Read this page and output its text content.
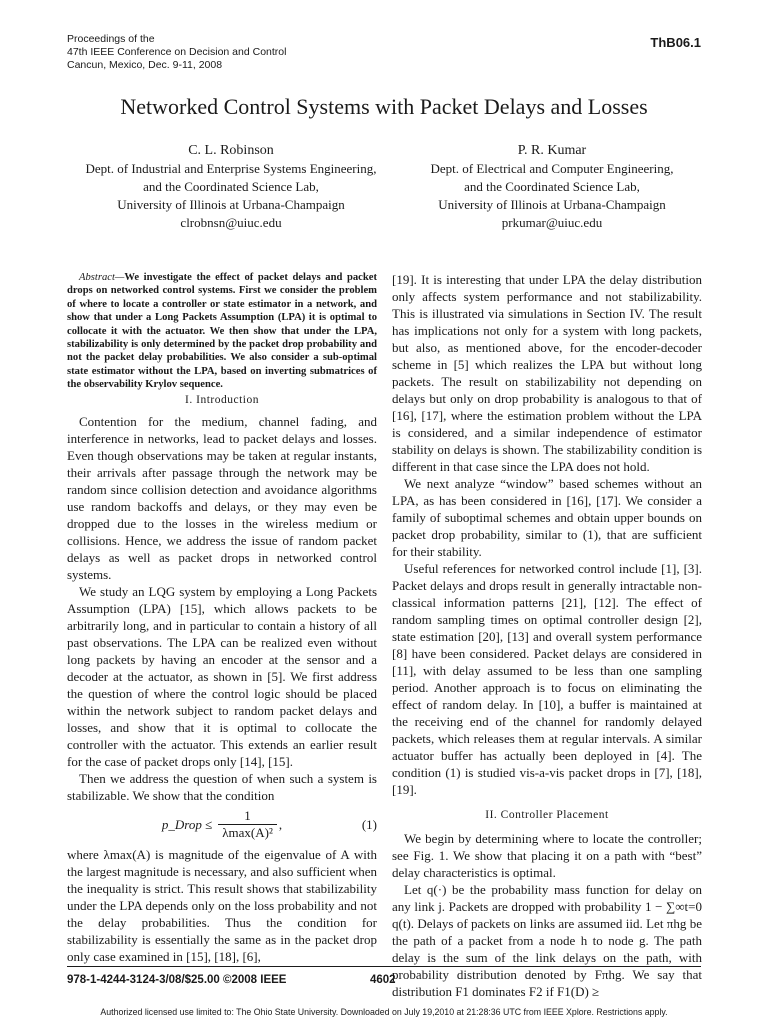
Proceedings of the
47th IEEE Conference on Decision and Control
Cancun, Mexico, Dec. 9-11, 2008
ThB06.1
Networked Control Systems with Packet Delays and Losses
C. L. Robinson
Dept. of Industrial and Enterprise Systems Engineering,
and the Coordinated Science Lab,
University of Illinois at Urbana-Champaign
clrobnsn@uiuc.edu
P. R. Kumar
Dept. of Electrical and Computer Engineering,
and the Coordinated Science Lab,
University of Illinois at Urbana-Champaign
prkumar@uiuc.edu

Abstract—We investigate the effect of packet delays and packet drops on networked control systems. First we consider the problem of where to locate a controller or state estimator in a network, and show that under a Long Packets Assumption (LPA) it is optimal to collocate it with the actuator. We then show that under the LPA, stabilizability is only determined by the packet drop probability and not the packet delay probabilities. We also consider a sub-optimal state estimator without the LPA, based on inverting submatrices of the observability Krylov sequence.

I. Introduction

Contention for the medium, channel fading, and interference in networks, lead to packet delays and losses. Even though observations may be taken at regular instants, their arrivals after passage through the network may be random since collision detection and avoidance algorithms use random backoffs and delays, or they may even be dropped due to the losses in the wireless medium or collisions. Hence, we address the issue of random packet delays as well as packet drops in networked control systems.

We study an LQG system by employing a Long Packets Assumption (LPA) [15], which allows packets to be arbitrarily long, and in particular to contain a history of all past observations. The LPA can be realized even without long packets by having an encoder at the sensor and a decoder at the actuator, as shown in [5]. We first address the question of where the control logic should be placed within the network subject to random packet delays and losses, and show that it is optimal to collocate the controller with the actuator. This extends an earlier result for the case of packet drops only [14], [15].

Then we address the question of when such a system is stabilizable. We show that the condition

p_Drop ≤ $\frac{1}{\text{λmax(A)²}}$ ,	(1)

where λmax(A) is magnitude of the eigenvalue of A with the largest magnitude is necessary, and also sufficient when the inequality is strict. This result shows that stabilizability under the LPA depends only on the loss probability and not the delay probabilities. Thus the condition for stabilizability is essentially the same as in the packet drop only case examined in [15], [18], [6],

[19]. It is interesting that under LPA the delay distribution only affects system performance and not stabilizability. This is illustrated via simulations in Section IV. The result has implications not only for a system with long packets, but also, as mentioned above, for the encoder-decoder scheme in [5] which realizes the LPA but without long packets. The result on stabilizability not depending on delays but only on drop probability is analogous to that of [16], [17], where the estimation problem without the LPA is considered, and a similar independence of estimator stability on delays is shown. The stabilizability condition is different in that case since the LPA does not hold.

We next analyze “window” based schemes without an LPA, as has been considered in [16], [17]. We consider a family of suboptimal schemes and obtain upper bounds on packet drop probability, similar to (1), that are sufficient for their stability.

Useful references for networked control include [1], [3]. Packet delays and drops result in generally intractable non-classical information patterns [21], [12]. The effect of random sampling times on optimal controller design [2], state estimation [20], [13] and overall system performance [8] have been considered. Packet delays are considered in [11], with delay assumed to be less than one sampling period. Another approach is to focus on eliminating the effect of random delay. In [10], a buffer is maintained at the receiving end of the channel for randomly delayed packets, which releases them at regular intervals. A similar actuator buffer has actually been deployed in [4]. The condition (1) is studied vis-a-vis packet drops in [7], [18], [19].

II. Controller Placement

We begin by determining where to locate the controller; see Fig. 1. We show that placing it on a path with “best” delay characteristics is optimal.

Let q(·) be the probability mass function for delay on any link j. Packets are dropped with probability 1 − ∑∞t=0 q(t). Delays of packets on links are assumed iid. Let πhg be the path of a packet from a node h to node g. The path delay is the sum of the link delays on the path, with probability distribution denoted by Fπhg. We say that distribution F1 dominates F2 if F1(D) ≥

978-1-4244-3124-3/08/$25.00 ©2008 IEEE	4602
Authorized licensed use limited to: The Ohio State University. Downloaded on July 19,2010 at 21:28:36 UTC from IEEE Xplore. Restrictions apply.
